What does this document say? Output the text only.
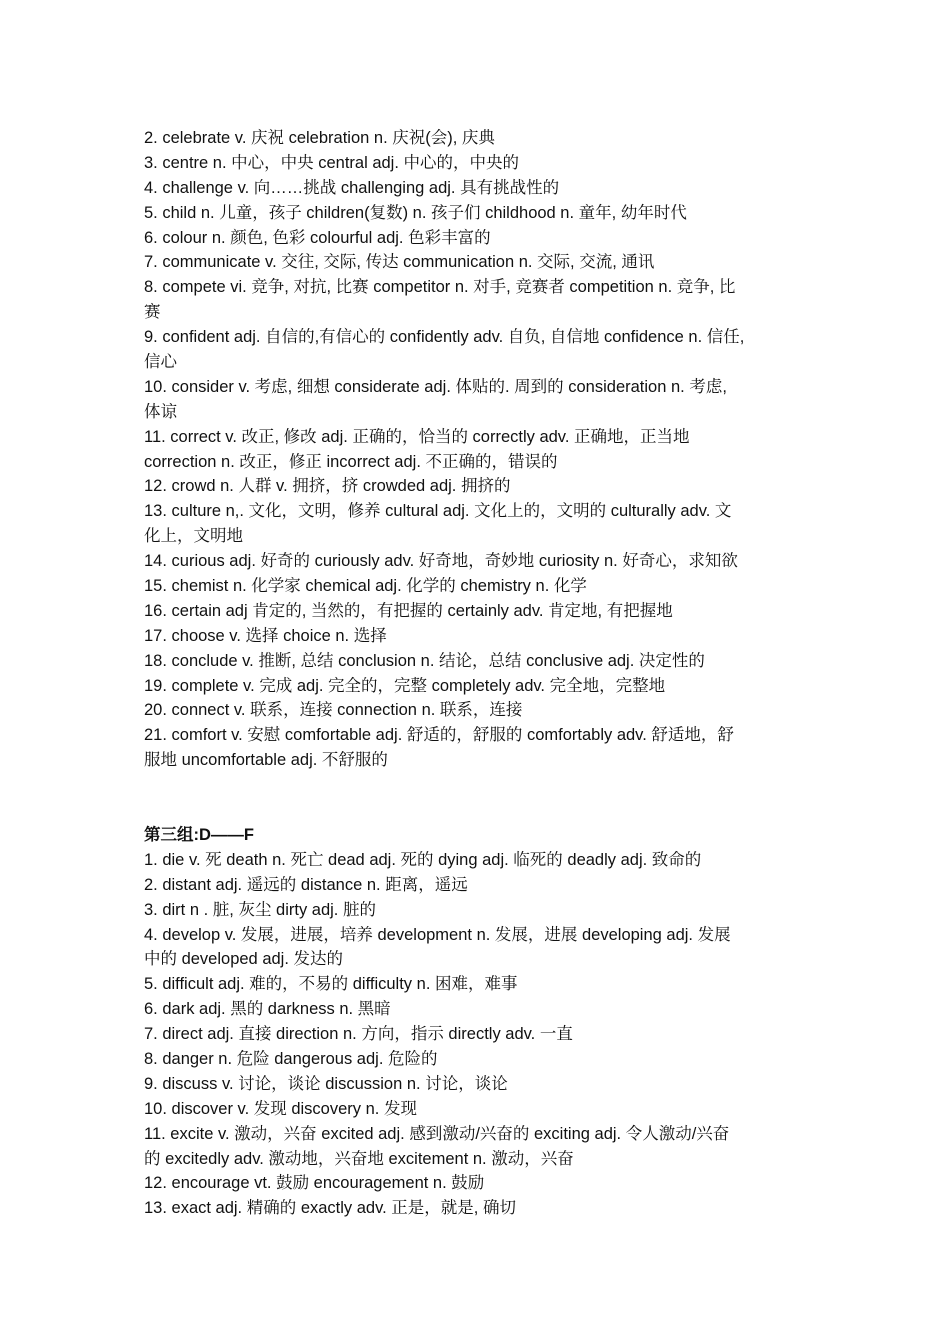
2. celebrate v. 庆祝 celebration n. 庆祝(会), 庆典
3. centre n. 中心，中央 central adj. 中心的，中央的
4. challenge v. 向……挑战 challenging adj. 具有挑战性的
5. child n. 儿童，孩子 children(复数) n. 孩子们 childhood n. 童年, 幼年时代
6. colour n. 颜色, 色彩 colourful adj. 色彩丰富的
7. communicate v. 交往, 交际, 传达 communication n. 交际, 交流, 通讯
8. compete vi. 竞争, 对抗, 比赛 competitor n. 对手, 竞赛者 competition n. 竞争, 比
赛
9. confident adj. 自信的,有信心的 confidently adv. 自负, 自信地 confidence n. 信任,
信心
10. consider v. 考虑, 细想 considerate adj. 体贴的. 周到的 consideration n. 考虑,
体谅
11. correct v. 改正, 修改 adj. 正确的，恰当的 correctly adv. 正确地，正当地
correction n. 改正，修正 incorrect adj. 不正确的，错误的
12. crowd n. 人群 v. 拥挤，挤 crowded adj. 拥挤的
13. culture n,. 文化，文明，修养 cultural adj. 文化上的，文明的 culturally adv. 文
化上，文明地
14. curious adj. 好奇的 curiously adv. 好奇地，奇妙地 curiosity n. 好奇心，求知欲
15. chemist n. 化学家 chemical adj. 化学的 chemistry n. 化学
16. certain adj 肯定的, 当然的，有把握的 certainly adv. 肯定地, 有把握地
17. choose v. 选择 choice n. 选择
18. conclude v. 推断, 总结 conclusion n. 结论，总结 conclusive adj. 决定性的
19. complete v. 完成 adj. 完全的，完整 completely adv. 完全地，完整地
20. connect v. 联系，连接 connection n. 联系，连接
21. comfort v. 安慰 comfortable adj. 舒适的，舒服的 comfortably adv. 舒适地，舒
服地 uncomfortable adj. 不舒服的
第三组:D——F
1. die v. 死 death n. 死亡 dead adj. 死的 dying adj. 临死的 deadly adj. 致命的
2. distant adj. 遥远的 distance n. 距离，遥远
3. dirt n . 脏, 灰尘 dirty adj. 脏的
4. develop v. 发展，进展，培养 development n. 发展，进展 developing adj. 发展
中的 developed adj. 发达的
5. difficult adj. 难的，不易的 difficulty n. 困难，难事
6. dark adj. 黑的 darkness n. 黑暗
7. direct adj. 直接 direction n. 方向，指示 directly adv. 一直
8. danger n. 危险 dangerous adj. 危险的
9. discuss v. 讨论，谈论 discussion n. 讨论，谈论
10. discover v. 发现 discovery n. 发现
11. excite v. 激动，兴奋 excited adj. 感到激动/兴奋的 exciting adj. 令人激动/兴奋
的 excitedly adv. 激动地，兴奋地 excitement n. 激动，兴奋
12. encourage vt. 鼓励 encouragement n. 鼓励
13. exact adj. 精确的 exactly adv. 正是，就是, 确切
